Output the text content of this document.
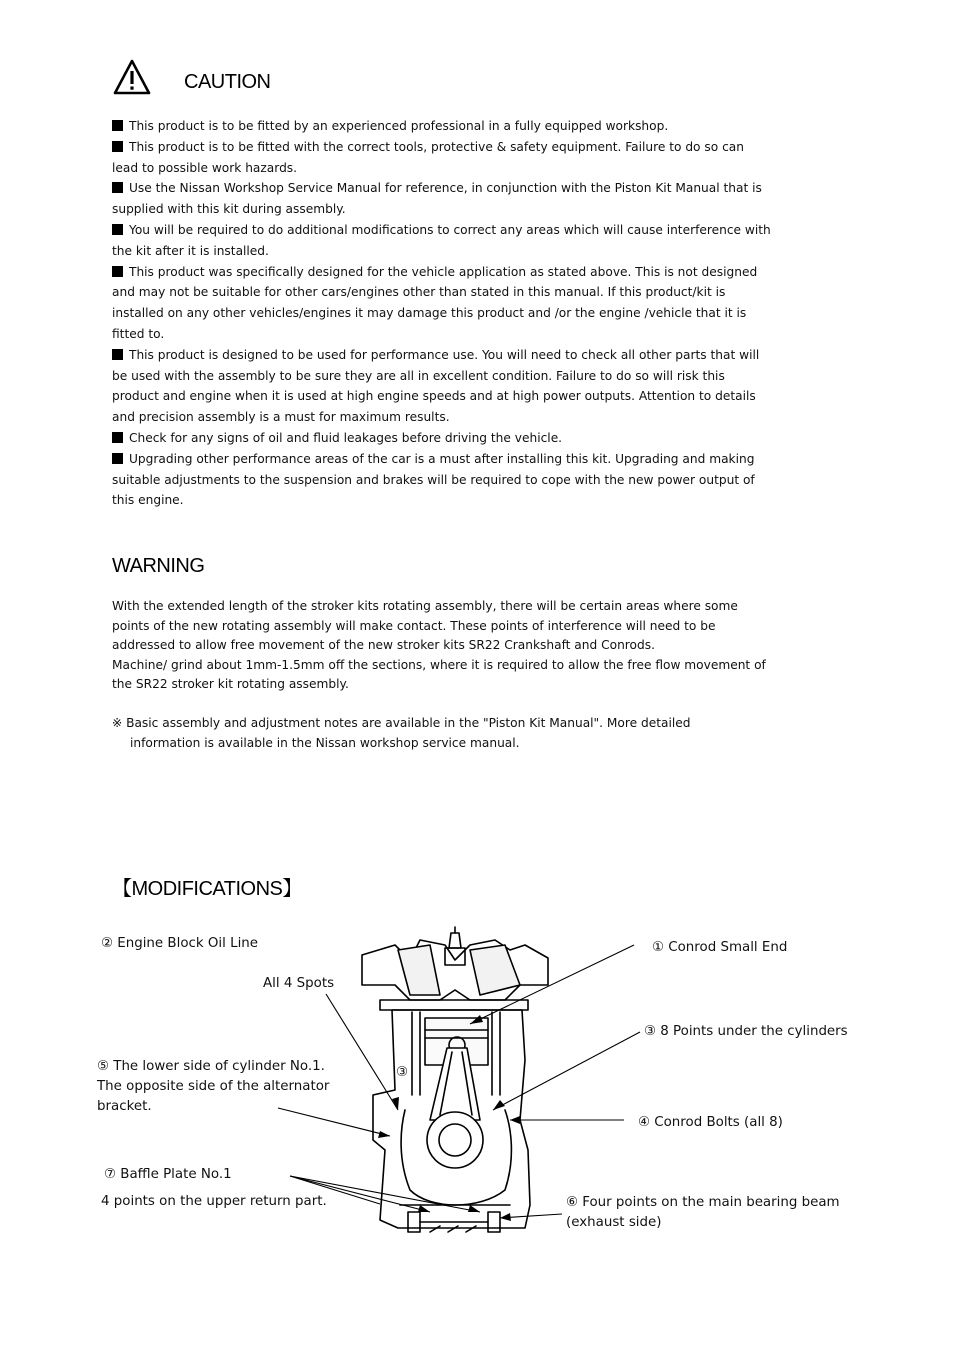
CAUTION

This product is to be fitted by an experienced professional in a fully equipped workshop.

This product is to be fitted with the correct tools, protective & safety equipment. Failure to do so can lead to possible work hazards.

Use the Nissan Workshop Service Manual for reference, in conjunction with the Piston Kit Manual that is supplied with this kit during assembly.

You will be required to do additional modifications to correct any areas which will cause interference with the kit after it is installed.

This product was specifically designed for the vehicle application as stated above. This is not designed and may not be suitable for other cars/engines other than stated in this manual. If this product/kit is installed on any other vehicles/engines it may damage this product and /or the engine /vehicle that it is fitted to.

This product is designed to be used for performance use. You will need to check all other parts that will be used with the assembly to be sure they are all in excellent condition. Failure to do so will risk this product and engine when it is used at high engine speeds and at high power outputs. Attention to details and precision assembly is a must for maximum results.

Check for any signs of oil and fluid leakages before driving the vehicle.

Upgrading other performance areas of the car is a must after installing this kit. Upgrading and making suitable adjustments to the suspension and brakes will be required to cope with the new power output of this engine.

WARNING

With the extended length of the stroker kits rotating assembly, there will be certain areas where some points of the new rotating assembly will make contact. These points of interference will need to be addressed to allow free movement of the new stroker kits SR22 Crankshaft and Conrods.

Machine/ grind about 1mm-1.5mm off the sections, where it is required to allow the free flow movement of the SR22 stroker kit rotating assembly.

※ Basic assembly and adjustment notes are available in the "Piston Kit Manual". More detailed
information is available in the Nissan workshop service manual.
【MODIFICATIONS】
② Engine Block Oil Line
All 4 Spots
① Conrod Small End
③ 8 Points under the cylinders
⑤ The lower side of cylinder No.1.
The opposite side of the alternator
bracket.
③
④ Conrod Bolts (all 8)
⑦ Baffle Plate No.1
4 points on the upper return part.	⑥ Four points on the main bearing beam
(exhaust side)
